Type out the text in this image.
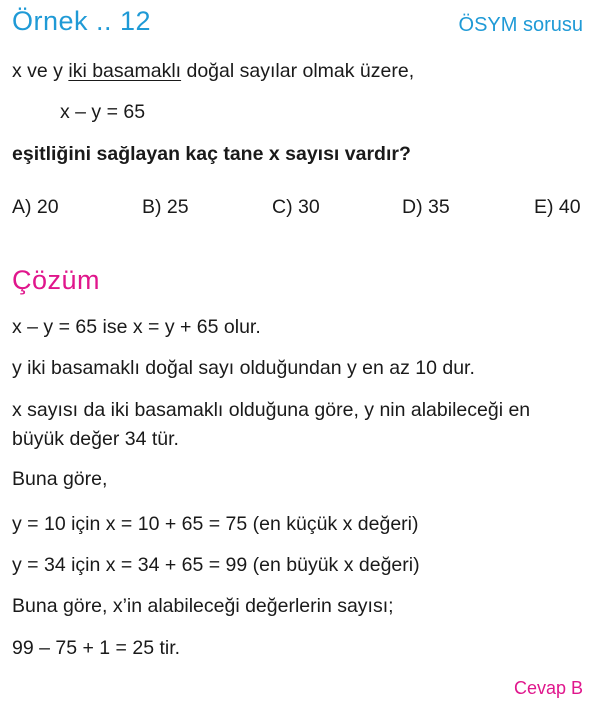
Örnek .. 12	ÖSYM sorusu
x ve y iki basamaklı doğal sayılar olmak üzere,
x – y = 65
eşitliğini sağlayan kaç tane x sayısı vardır?
A) 20	B) 25	C) 30	D) 35	E) 40
Çözüm
x – y = 65 ise x = y + 65 olur.
y iki basamaklı doğal sayı olduğundan y en az 10 dur.
x sayısı da iki basamaklı olduğuna göre, y nin alabileceği en
büyük değer 34 tür.
Buna göre,
y = 10 için x = 10 + 65 = 75 (en küçük x değeri)
y = 34 için x = 34 + 65 = 99 (en büyük x değeri)
Buna göre, x’in alabileceği değerlerin sayısı;
99 – 75 + 1 = 25 tir.
Cevap B
